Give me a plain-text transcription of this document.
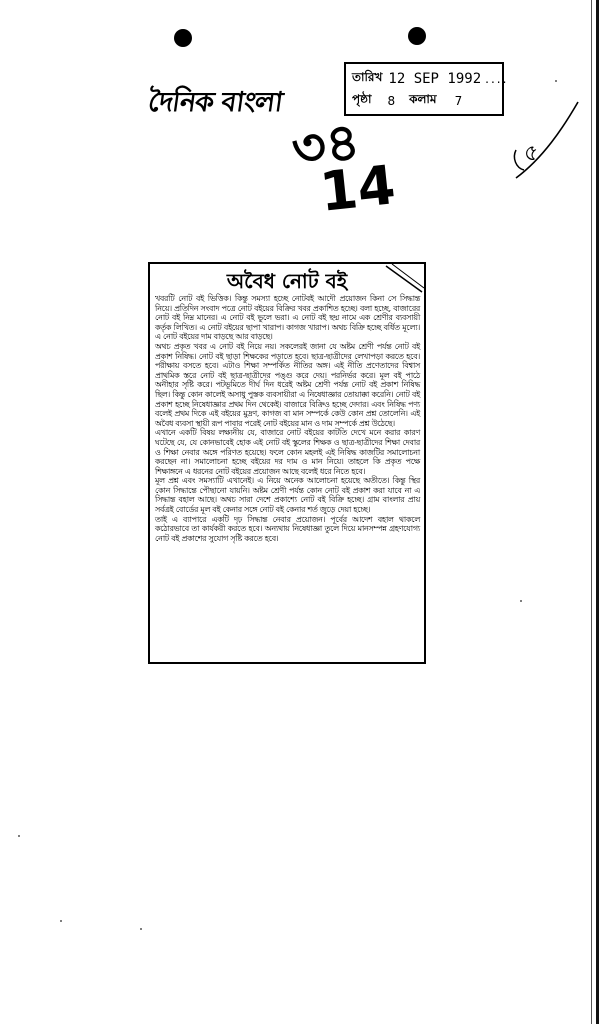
দৈনিক বাংলা
তারিখ 12 SEP 1992 ....
পৃষ্ঠা 8 কলাম 7
৩৪
14	৫
অবৈধ নোট বই

খবরটি নোট বই ভিত্তিক। কিন্তু সমস্যা হচ্ছে নোটবই আদৌ প্রয়োজন কিনা সে সিদ্ধান্ত নিয়ে। প্রতিদিন সংবাদ পত্রে নোট বইয়ের বিক্রির খবর প্রকাশিত হচ্ছে। বলা হচ্ছে, বাজারের নোট বই নিম্ন মানের। এ নোট বই ভুলে ভরা। এ নোট বই ছদ্ম নামে এক শ্রেণীর ব্যবসায়ী কর্তৃক লিখিত। এ নোট বইয়ের ছাপা খারাপ। কাগজ খারাপ। অথচ বিক্রি হচ্ছে বর্ধিত মূল্যে। এ নোট বইয়ের দাম বাড়ছে আর বাড়ছে।

অথচ প্রকৃত খবর এ নোট বই নিয়ে নয়। সকলেরই জানা যে অষ্টম শ্রেণী পর্যন্ত নোট বই প্রকাশ নিষিদ্ধ। নোট বই ছাড়া শিক্ষকের পড়াতে হবে। ছাত্র-ছাত্রীদের লেখাপড়া করতে হবে। পরীক্ষায় বসতে হবে। এটাও শিক্ষা সম্পর্কিত নীতির অঙ্গ। এই নীতি প্রণেতাদের বিশ্বাস প্রাথমিক স্তরে নোট বই ছাত্র-ছাত্রীদের পঙ্গু করে দেয়। পরনির্ভর করে। মূল বই পাঠে অনীহার সৃষ্টি করে। পটভূমিতে দীর্ঘ দিন ধরেই অষ্টম শ্রেণী পর্যন্ত নোট বই প্রকাশ নিষিদ্ধ ছিল। কিন্তু কোন কালেই অসাধু পুস্তক ব্যবসায়ীরা এ নিষেধাজ্ঞার তোয়াক্কা করেনি। নোট বই প্রকাশ হচ্ছে নিষেধাজ্ঞার প্রথম দিন থেকেই। বাজারে বিক্রিও হচ্ছে দেদার। এবং নিষিদ্ধ পণ্য বলেই প্রথম দিকে এই বইয়ের মুদ্রণ, কাগজ বা মান সম্পর্কে কেউ কোন প্রশ্ন তোলেনি। এই অবৈধ ব্যবসা স্থায়ী রূপ পাবার পরেই নোট বইয়ের মান ও দাম সম্পর্কে প্রশ্ন উঠেছে।

এখানে একটি বিষয় লক্ষ্যনীয় যে, বাজারে নোট বইয়ের কাটতি দেখে মনে করার কারণ ঘটেছে যে, যে কোনভাবেই হোক এই নোট বই স্কুলের শিক্ষক ও ছাত্র-ছাত্রীদের শিক্ষা দেবার ও শিক্ষা নেবার অঙ্গে পরিণত হয়েছে। ফলে কোন মহলই এই নিষিদ্ধ কাজটির সমালোচনা করছেন না। সমালোচনা হচ্ছে বইয়ের দর দাম ও মান নিয়ে। তাহলে কি প্রকৃত পক্ষে শিক্ষাঙ্গনে এ ধরনের নোট বইয়ের প্রয়োজন আছে বলেই ধরে নিতে হবে।

মূল প্রশ্ন এবং সমস্যাটি এখানেই। এ নিয়ে অনেক আলোচনা হয়েছে অতীতে। কিন্তু স্থির কোন সিদ্ধান্তে পৌছানো যায়নি। অষ্টম শ্রেণী পর্যন্ত কোন নোট বই প্রকাশ করা যাবে না এ সিদ্ধান্ত বহাল আছে। অথচ সারা দেশে প্রকাশ্যে নোট বই বিক্রি হচ্ছে। গ্রাম বাংলার প্রায় সর্বত্রই বোর্ডের মূল বই কেনার সঙ্গে নোট বই কেনার শর্ত জুড়ে দেয়া হচ্ছে।

তাই এ ব্যাপারে একটি দৃঢ় সিদ্ধান্ত নেবার প্রয়োজন। পূর্বের আদেশ বহাল থাকলে কঠোরভাবে তা কার্যকরী করতে হবে। অন্যথায় নিষেধাজ্ঞা তুলে দিয়ে মানসম্পন্ন গ্রহণযোগ্য নোট বই প্রকাশের সুযোগ সৃষ্টি করতে হবে।
